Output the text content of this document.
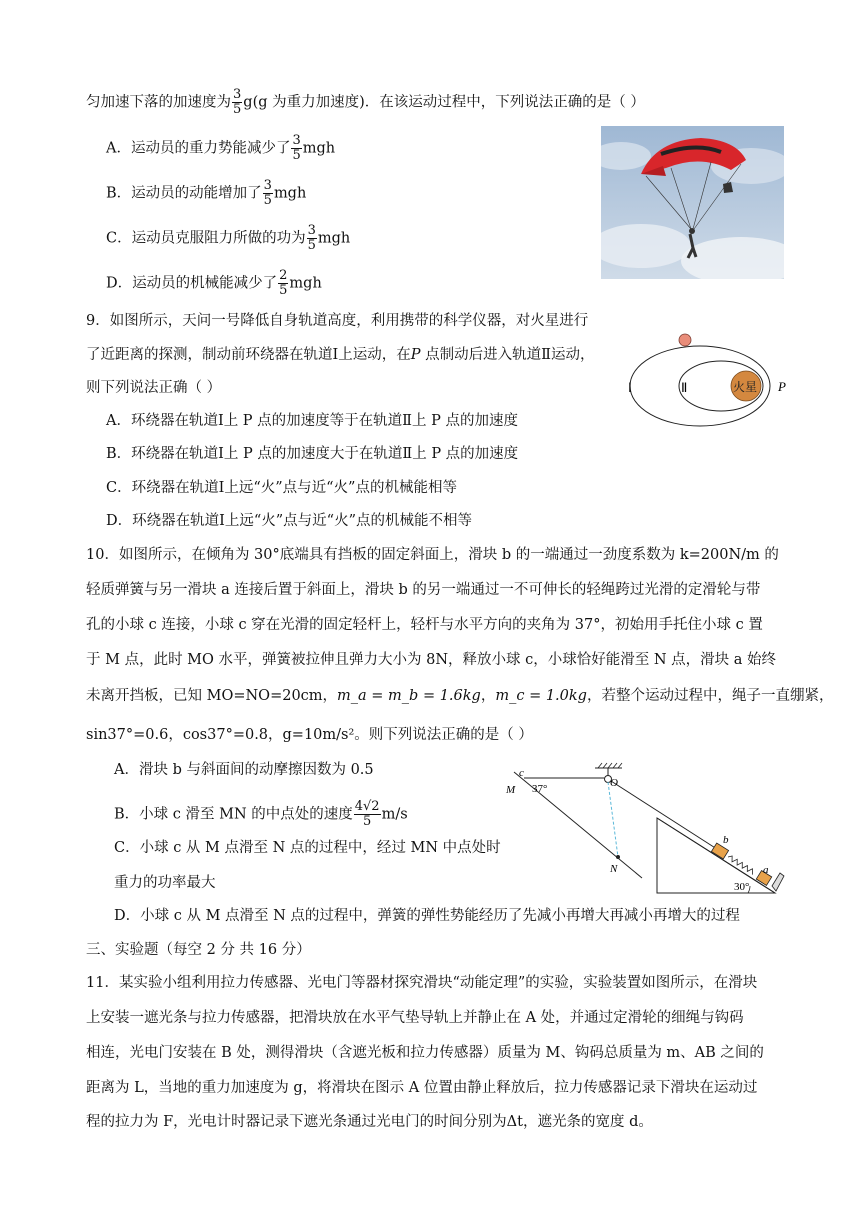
匀加速下落的加速度为 $\frac{3}{5} g(g$ 为重力加速度)．在该运动过程中，下列说法正确的是（ ）
A．运动员的重力势能减少了 $\frac{3}{5}$ mgh
B．运动员的动能增加了 $\frac{3}{5}$ mgh
C．运动员克服阻力所做的功为 $\frac{3}{5}$ mgh
D．运动员的机械能减少了 $\frac{2}{5}$ mgh
9．如图所示，天问一号降低自身轨道高度，利用携带的科学仪器，对火星进行
了近距离的探测，制动前环绕器在轨道Ⅰ上运动，在P 点制动后进入轨道Ⅱ运动，
则下列说法正确（ ）
A．环绕器在轨道Ⅰ上 P 点的加速度等于在轨道Ⅱ上 P 点的加速度
B．环绕器在轨道Ⅰ上 P 点的加速度大于在轨道Ⅱ上 P 点的加速度
C．环绕器在轨道Ⅰ上远“火”点与近“火”点的机械能相等
D．环绕器在轨道Ⅰ上远“火”点与近“火”点的机械能不相等
Ⅰ	Ⅱ	火星 P
10．如图所示，在倾角为 30°底端具有挡板的固定斜面上，滑块 b 的一端通过一劲度系数为 k=200N/m 的
轻质弹簧与另一滑块 a 连接后置于斜面上，滑块 b 的另一端通过一不可伸长的轻绳跨过光滑的定滑轮与带
孔的小球 c 连接，小球 c 穿在光滑的固定轻杆上，轻杆与水平方向的夹角为 37°，初始用手托住小球 c 置
于 M 点，此时 MO 水平，弹簧被拉伸且弹力大小为 8N，释放小球 c，小球恰好能滑至 N 点，滑块 a 始终
未离开挡板，已知 MO=NO=20cm，m_a = m_b = 1.6kg，m_c = 1.0kg，若整个运动过程中，绳子一直绷紧，
sin37°=0.6，cos37°=0.8，g=10m/s²。则下列说法正确的是（ ）
A．滑块 b 与斜面间的动摩擦因数为 0.5
B．小球 c 滑至 MN 的中点处的速度 $\frac{4√2}{5} m/s$
C．小球 c 从 M 点滑至 N 点的过程中，经过 MN 中点处时
重力的功率最大
D．小球 c 从 M 点滑至 N 点的过程中，弹簧的弹性势能经历了先减小再增大再减小再增大的过程
c
M 37°	O
N
b
a
30°
三、实验题（每空 2 分 共 16 分）
11．某实验小组利用拉力传感器、光电门等器材探究滑块“动能定理”的实验，实验装置如图所示，在滑块
上安装一遮光条与拉力传感器，把滑块放在水平气垫导轨上并静止在 A 处，并通过定滑轮的细绳与钩码
相连，光电门安装在 B 处，测得滑块（含遮光板和拉力传感器）质量为 M、钩码总质量为 m、AB 之间的
距离为 L，当地的重力加速度为 g，将滑块在图示 A 位置由静止释放后，拉力传感器记录下滑块在运动过
程的拉力为 F，光电计时器记录下遮光条通过光电门的时间分别为Δt，遮光条的宽度 d。
